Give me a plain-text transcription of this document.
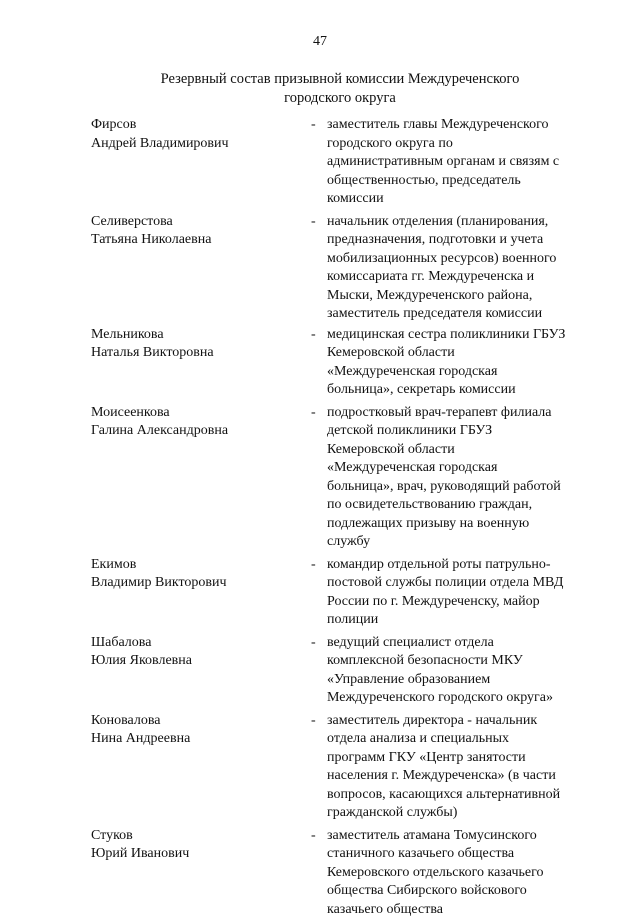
47
Резервный состав призывной комиссии Междуреченского
городского округа
Фирсов
Андрей Владимирович
- заместитель главы Междуреченского
городского округа по
административным органам и связям с
общественностью, председатель
комиссии
Селиверстова
Татьяна Николаевна
- начальник отделения (планирования,
предназначения, подготовки и учета
мобилизационных ресурсов) военного
комиссариата гг. Междуреченска и
Мыски, Междуреченского района,
заместитель председателя комиссии
Мельникова
Наталья Викторовна
- медицинская сестра поликлиники ГБУЗ
Кемеровской области
«Междуреченская городская
больница», секретарь комиссии
Моисеенкова
Галина Александровна
- подростковый врач-терапевт филиала
детской поликлиники ГБУЗ
Кемеровской области
«Междуреченская городская
больница», врач, руководящий работой
по освидетельствованию граждан,
подлежащих призыву на военную
службу
Екимов
Владимир Викторович
- командир отдельной роты патрульно-
постовой службы полиции отдела МВД
России по г. Междуреченску, майор
полиции
Шабалова
Юлия Яковлевна
- ведущий специалист отдела
комплексной безопасности МКУ
«Управление образованием
Междуреченского городского округа»
Коновалова
Нина Андреевна
- заместитель директора - начальник
отдела анализа и специальных
программ ГКУ «Центр занятости
населения г. Междуреченска» (в части
вопросов, касающихся альтернативной
гражданской службы)
Стуков
Юрий Иванович
- заместитель атамана Томусинского
станичного казачьего общества
Кемеровского отдельского казачьего
общества Сибирского войскового
казачьего общества
